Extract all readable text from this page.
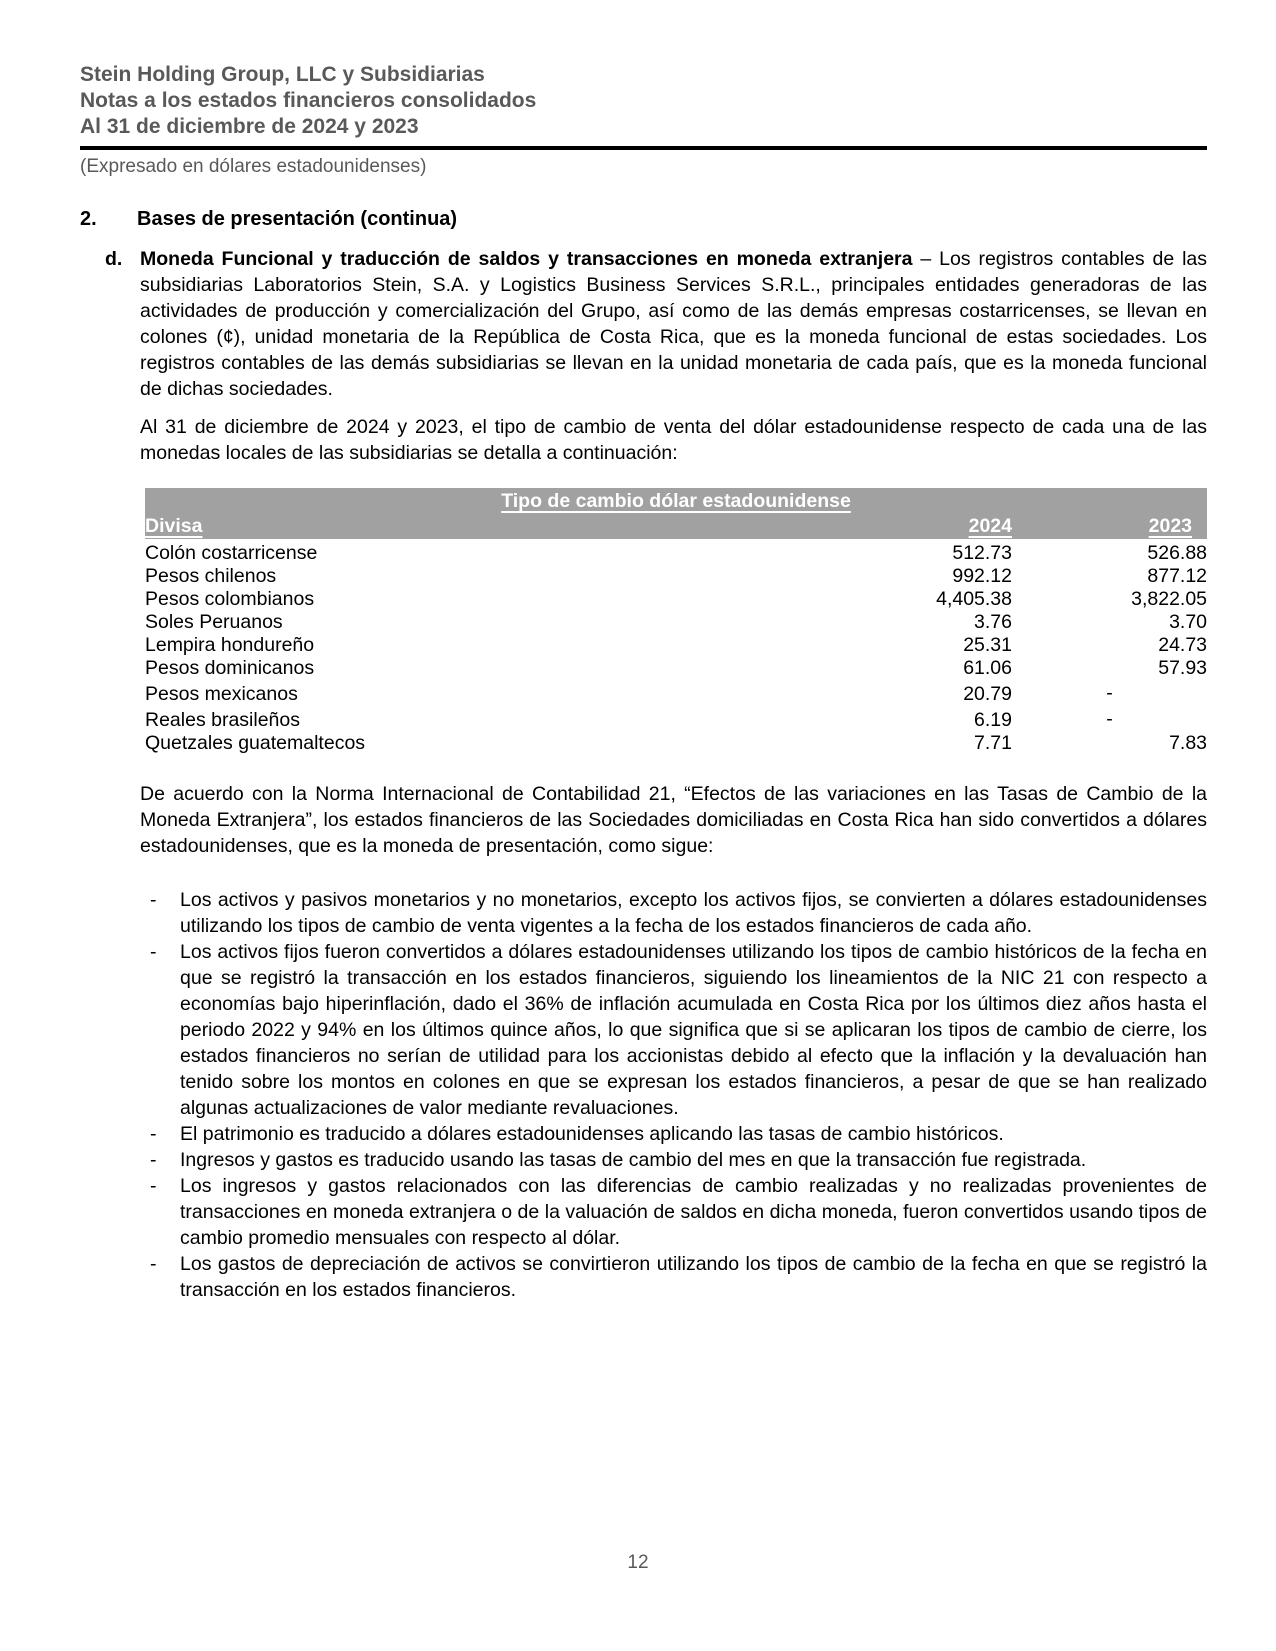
Stein Holding Group, LLC y Subsidiarias
Notas a los estados financieros consolidados
Al 31 de diciembre de 2024 y 2023
(Expresado en dólares estadounidenses)
2. Bases de presentación (continua)
d. Moneda Funcional y traducción de saldos y transacciones en moneda extranjera – Los registros contables de las subsidiarias Laboratorios Stein, S.A. y Logistics Business Services S.R.L., principales entidades generadoras de las actividades de producción y comercialización del Grupo, así como de las demás empresas costarricenses, se llevan en colones (¢), unidad monetaria de la República de Costa Rica, que es la moneda funcional de estas sociedades. Los registros contables de las demás subsidiarias se llevan en la unidad monetaria de cada país, que es la moneda funcional de dichas sociedades.
Al 31 de diciembre de 2024 y 2023, el tipo de cambio de venta del dólar estadounidense respecto de cada una de las monedas locales de las subsidiarias se detalla a continuación:
Tipo de cambio dólar estadounidense		
Divisa	2024	2023
Colón costarricense	512.73	526.88
Pesos chilenos	992.12	877.12
Pesos colombianos	4,405.38	3,822.05
Soles Peruanos	3.76	3.70
Lempira hondureño	25.31	24.73
Pesos dominicanos	61.06	57.93
Pesos mexicanos	20.79	-
Reales brasileños	6.19	-
Quetzales guatemaltecos	7.71	7.83
De acuerdo con la Norma Internacional de Contabilidad 21, “Efectos de las variaciones en las Tasas de Cambio de la Moneda Extranjera”, los estados financieros de las Sociedades domiciliadas en Costa Rica han sido convertidos a dólares estadounidenses, que es la moneda de presentación, como sigue:
- Los activos y pasivos monetarios y no monetarios, excepto los activos fijos, se convierten a dólares estadounidenses utilizando los tipos de cambio de venta vigentes a la fecha de los estados financieros de cada año.
- Los activos fijos fueron convertidos a dólares estadounidenses utilizando los tipos de cambio históricos de la fecha en que se registró la transacción en los estados financieros, siguiendo los lineamientos de la NIC 21 con respecto a economías bajo hiperinflación, dado el 36% de inflación acumulada en Costa Rica por los últimos diez años hasta el periodo 2022 y 94% en los últimos quince años, lo que significa que si se aplicaran los tipos de cambio de cierre, los estados financieros no serían de utilidad para los accionistas debido al efecto que la inflación y la devaluación han tenido sobre los montos en colones en que se expresan los estados financieros, a pesar de que se han realizado algunas actualizaciones de valor mediante revaluaciones.
- El patrimonio es traducido a dólares estadounidenses aplicando las tasas de cambio históricos.
- Ingresos y gastos es traducido usando las tasas de cambio del mes en que la transacción fue registrada.
- Los ingresos y gastos relacionados con las diferencias de cambio realizadas y no realizadas provenientes de transacciones en moneda extranjera o de la valuación de saldos en dicha moneda, fueron convertidos usando tipos de cambio promedio mensuales con respecto al dólar.
- Los gastos de depreciación de activos se convirtieron utilizando los tipos de cambio de la fecha en que se registró la transacción en los estados financieros.
12
